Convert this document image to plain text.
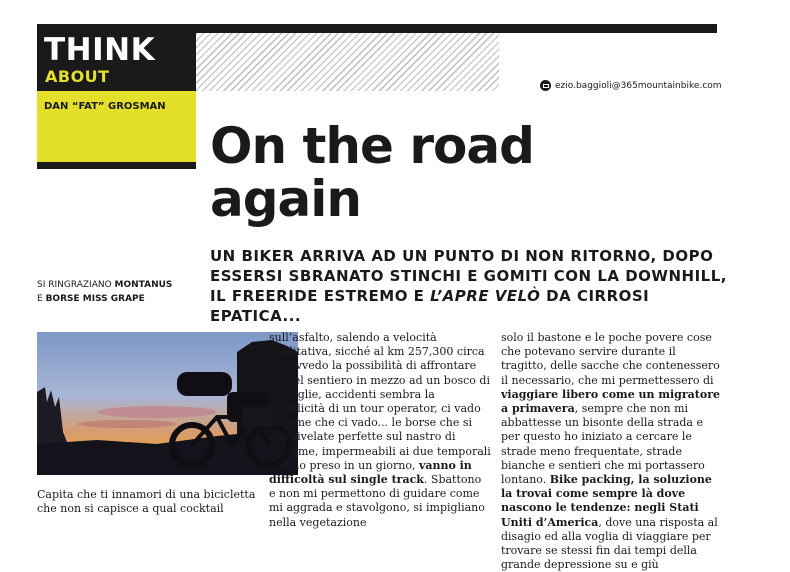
THINK
ABOUT
DAN “FAT” GROSMAN
ezio.baggioli@365mountainbike.com
On the road
again
UN BIKER ARRIVA AD UN PUNTO DI NON RITORNO, DOPO ESSERSI SBRANATO STINCHI E GOMITI CON LA DOWNHILL, IL FREERIDE ESTREMO E L’APRE VELÒ DA CIRROSI EPATICA...
SI RINGRAZIANO MONTANUS
E BORSE MISS GRAPE
Capita che ti innamori di una bicicletta che non si capisce a qual cocktail
sull’asfalto, salendo a velocità meditativa, sicché al km 257,300 circa intravvedo la possibilità di affrontare un bel sentiero in mezzo ad un bosco di latifoglie, accidenti sembra la pubblicità di un tour operator, ci vado eccome che ci vado... le borse che si son rivelate perfette sul nastro di catrame, impermeabili ai due temporali che ho preso in un giorno, vanno in difficoltà sul single track. Sbattono e non mi permettono di guidare come mi aggrada e stavolgono, si impigliano nella vegetazione
solo il bastone e le poche povere cose che potevano servire durante il tragitto, delle sacche che contenessero il necessario, che mi permettessero di viaggiare libero come un migratore a primavera, sempre che non mi abbattesse un bisonte della strada e per questo ho iniziato a cercare le strade meno frequentate, strade bianche e sentieri che mi portassero lontano. Bike packing, la soluzione la trovai come sempre là dove nascono le tendenze: negli Stati Uniti d’America, dove una risposta al disagio ed alla voglia di viaggiare per trovare se stessi fin dai tempi della grande depressione su e giù
